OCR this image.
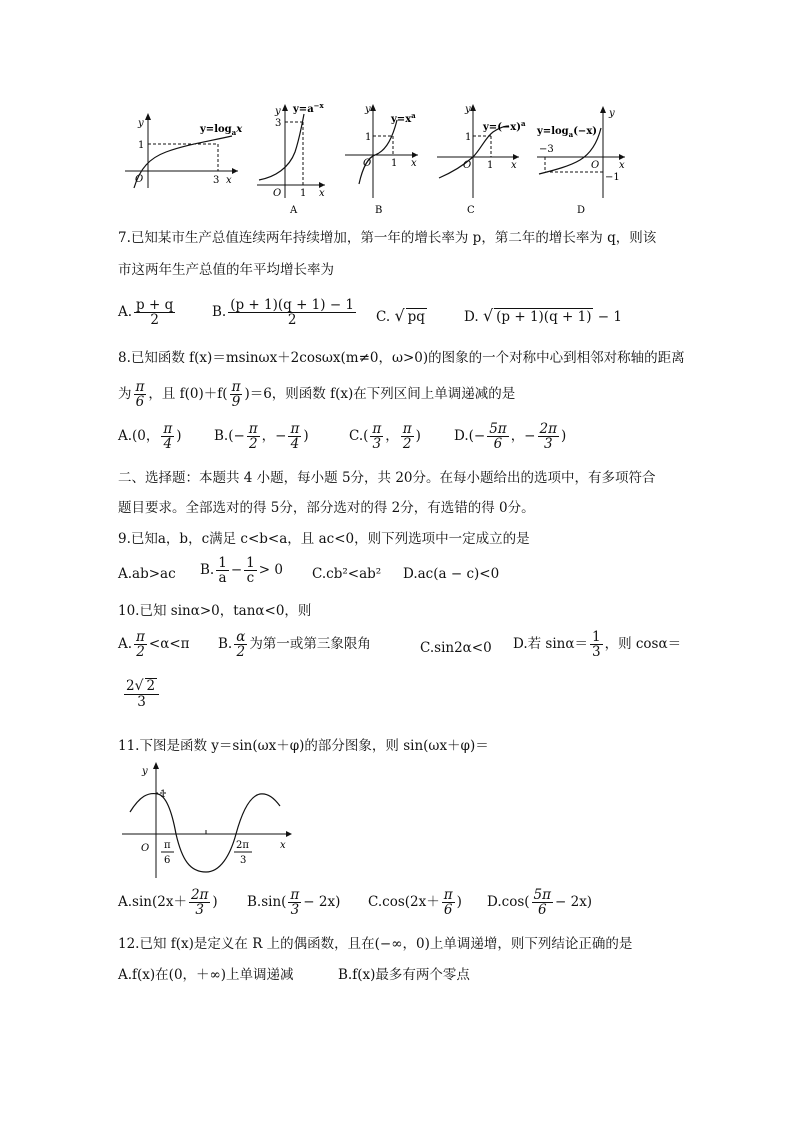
y
x
O
1
3
$y=\log_ax$
y
x
O
3
1
$y=a^{-x}$
A
y
x
O
1
1
$y=x^a$
B
y
x
O
1
1
$y=(-x)^a$
C
y
x
O
−3
−1
$y=\log_a(-x)$
D
7.已知某市生产总值连续两年持续增加，第一年的增长率为 p，第二年的增长率为 q，则该
市这两年生产总值的年平均增长率为
A. $\frac{p + q}{2}$	B. $\frac{(p + 1)(q + 1) - 1}{2} C$. √ pq	D. √ (p + 1)(q + 1) − 1
8.已知函数 f(x)＝msinωx＋2cosωx(m≠0，ω>0)的图象的一个对称中心到相邻对称轴的距离
为 $\frac{\pi}{6}$ ，且 $f(0)+f( \frac{\pi}{9} )=6$，则函数 f(x)在下列区间上单调递减的是
A.(0， $\frac{\pi}{4}$ ) $B.(- \frac{\pi}{2}$ ，− $\frac{\pi}{4}$ )	$C.( \frac{\pi}{3}$ ， $\frac{\pi}{2}$ ) $D.(- \frac{5\pi}{6}$ ，− $\frac{2\pi}{3}$ )
二、选择题：本题共 4 小题，每小题 5分，共 20分。在每小题给出的选项中，有多项符合
题目要求。全部选对的得 5分，部分选对的得 2分，有选错的得 0分。
9.已知a，b，c满足 c<b<a，且 ac<0，则下列选项中一定成立的是
A.ab>ac B. $\frac{1}{a} - \frac{1}{c} > 0$ C.cb²<ab² D.ac(a − c)<0
10.已知 sinα>0，tanα<0，则
A. $\frac{\pi}{2} <\alpha<\pi$ B. $\frac{\alpha}{2}$ 为第一或第三象限角	C.sin2α<0 D.若 $\sin\alpha= \frac{1}{3}$ ，则 cosα＝
$\frac{2√ 2}{3}$
11.下图是函数 y＝sin(ωx＋φ)的部分图象，则 sin(ωx＋φ)＝
y
x
O
1
π
6
2π
3
$A.\sin(2x+ \frac{2\pi}{3}$ ) $B.\sin( \frac{\pi}{3} - 2x)$ $C.\cos(2x+ \frac{\pi}{6}$ ) $D.\cos( \frac{5\pi}{6} - 2x)$
12.已知 f(x)是定义在 R 上的偶函数，且在(−∞，0)上单调递增，则下列结论正确的是
A.f(x)在(0，＋∞)上单调递减	B.f(x)最多有两个零点
